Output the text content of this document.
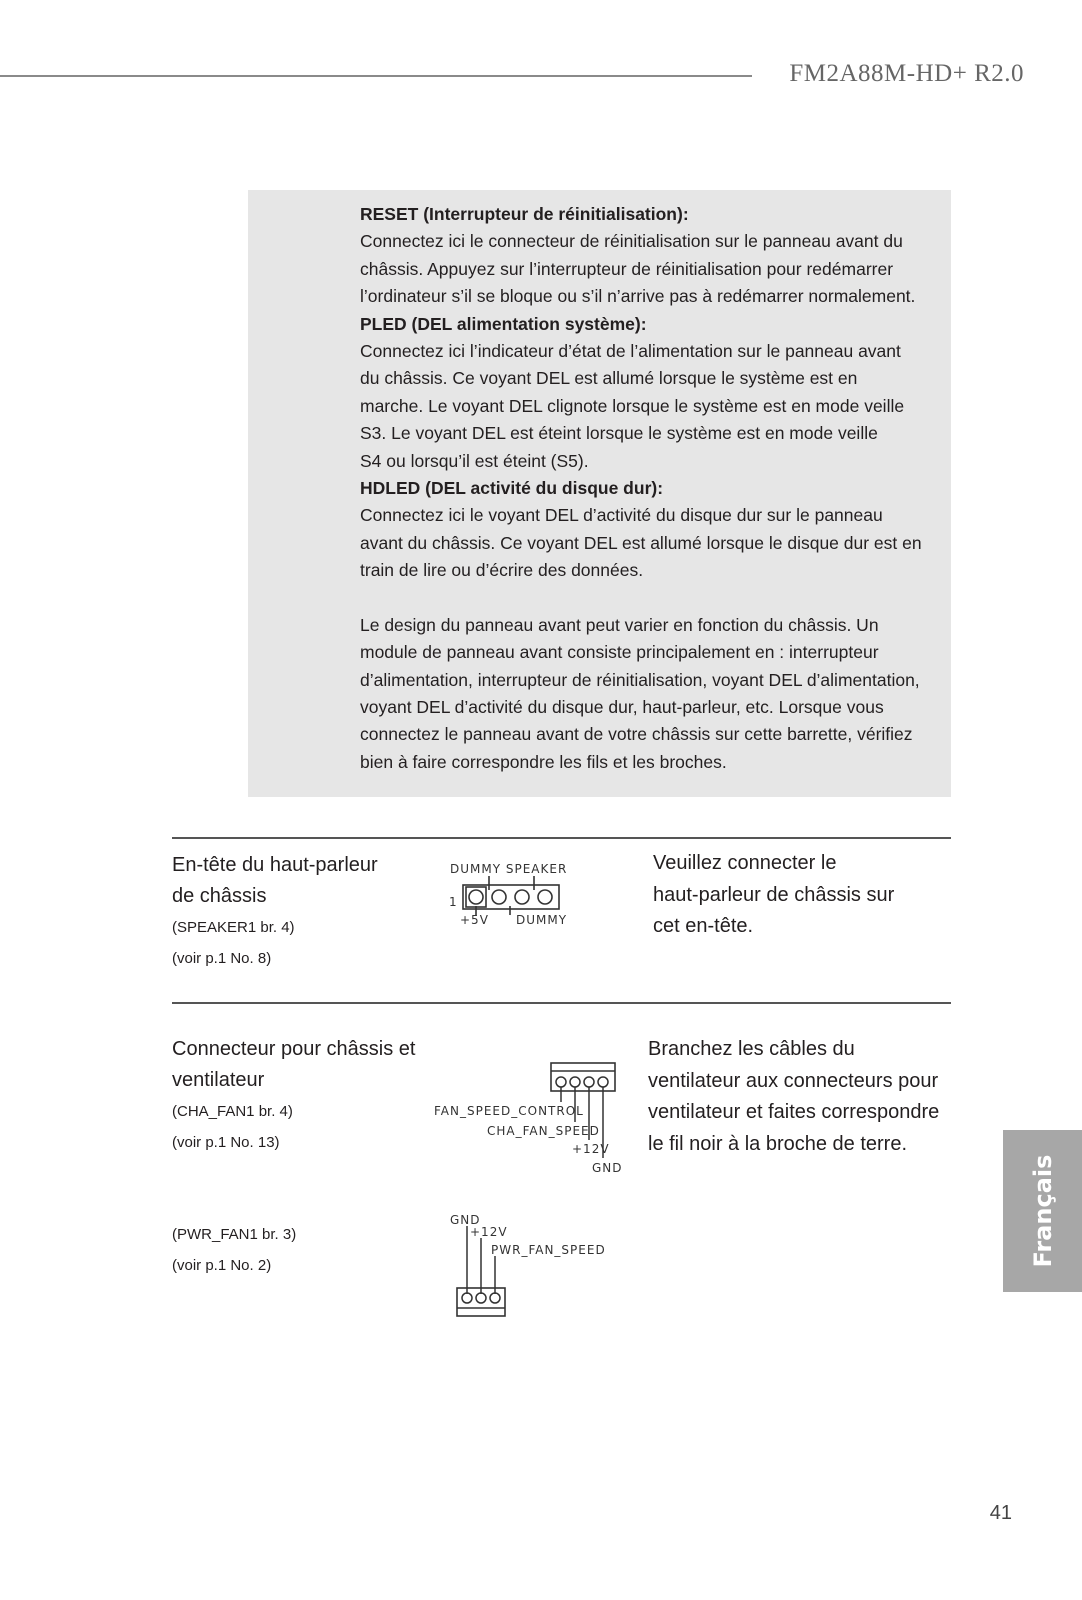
FM2A88M-HD+ R2.0

RESET (Interrupteur de réinitialisation):

Connectez ici le connecteur de réinitialisation sur le panneau avant du

châssis. Appuyez sur l’interrupteur de réinitialisation pour redémarrer

l’ordinateur s’il se bloque ou s’il n’arrive pas à redémarrer normalement.

PLED (DEL alimentation système):

Connectez ici l’indicateur d’état de l’alimentation sur le panneau avant

du châssis. Ce voyant DEL est allumé lorsque le système est en

marche. Le voyant DEL clignote lorsque le système est en mode veille

S3. Le voyant DEL est éteint lorsque le système est en mode veille

S4 ou lorsqu’il est éteint (S5).

HDLED (DEL activité du disque dur):

Connectez ici le voyant DEL d’activité du disque dur sur le panneau

avant du châssis. Ce voyant DEL est allumé lorsque le disque dur est en

train de lire ou d’écrire des données.

Le design du panneau avant peut varier en fonction du châssis. Un

module de panneau avant consiste principalement en : interrupteur

d’alimentation, interrupteur de réinitialisation, voyant DEL d’alimentation,

voyant DEL d’activité du disque dur, haut-parleur, etc. Lorsque vous

connectez le panneau avant de votre châssis sur cette barrette, vérifiez

bien à faire correspondre les fils et les broches.

En-tête du haut-parleur
de châssis
(SPEAKER1 br. 4)
(voir p.1 No. 8)
DUMMY SPEAKER
1
+5V DUMMY
Veuillez connecter le
haut-parleur de châssis sur
cet en-tête.
Connecteur pour châssis et
ventilateur
(CHA_FAN1 br. 4)
(voir p.1 No. 13)
FAN_SPEED_CONTROL
CHA_FAN_SPEED
+12V
GND
Branchez les câbles du
ventilateur aux connecteurs pour
ventilateur et faites correspondre
le fil noir à la broche de terre.
(PWR_FAN1 br. 3)
(voir p.1 No. 2)
GND
+12V
PWR_FAN_SPEED	Français
41
